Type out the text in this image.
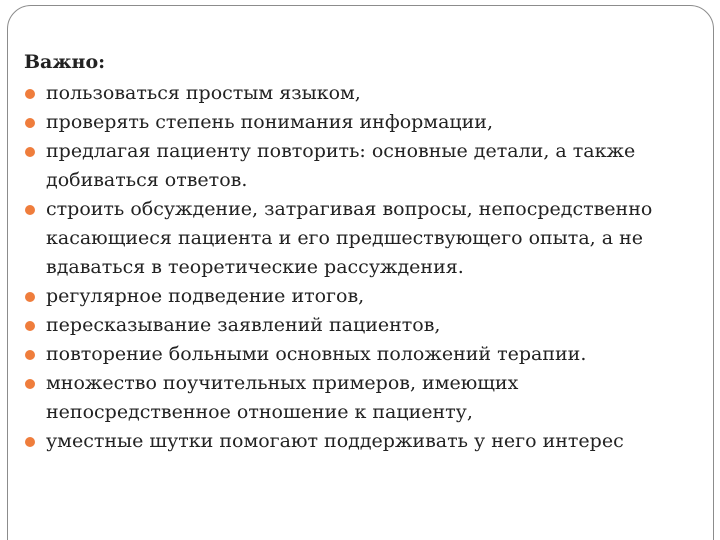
Важно:
пользоваться простым языком,
проверять степень понимания информации,
предлагая пациенту повторить: основные детали, а также добиваться ответов.
строить обсуждение, затрагивая вопросы, непосредственно касающиеся пациента и его предшествующего опыта, а не вдаваться в теоретические рассуждения.
регулярное подведение итогов,
пересказывание заявлений пациентов,
повторение больными основных положений терапии.
множество поучительных примеров, имеющих непосредственное отношение к пациенту,
уместные шутки помогают поддерживать у него интерес
